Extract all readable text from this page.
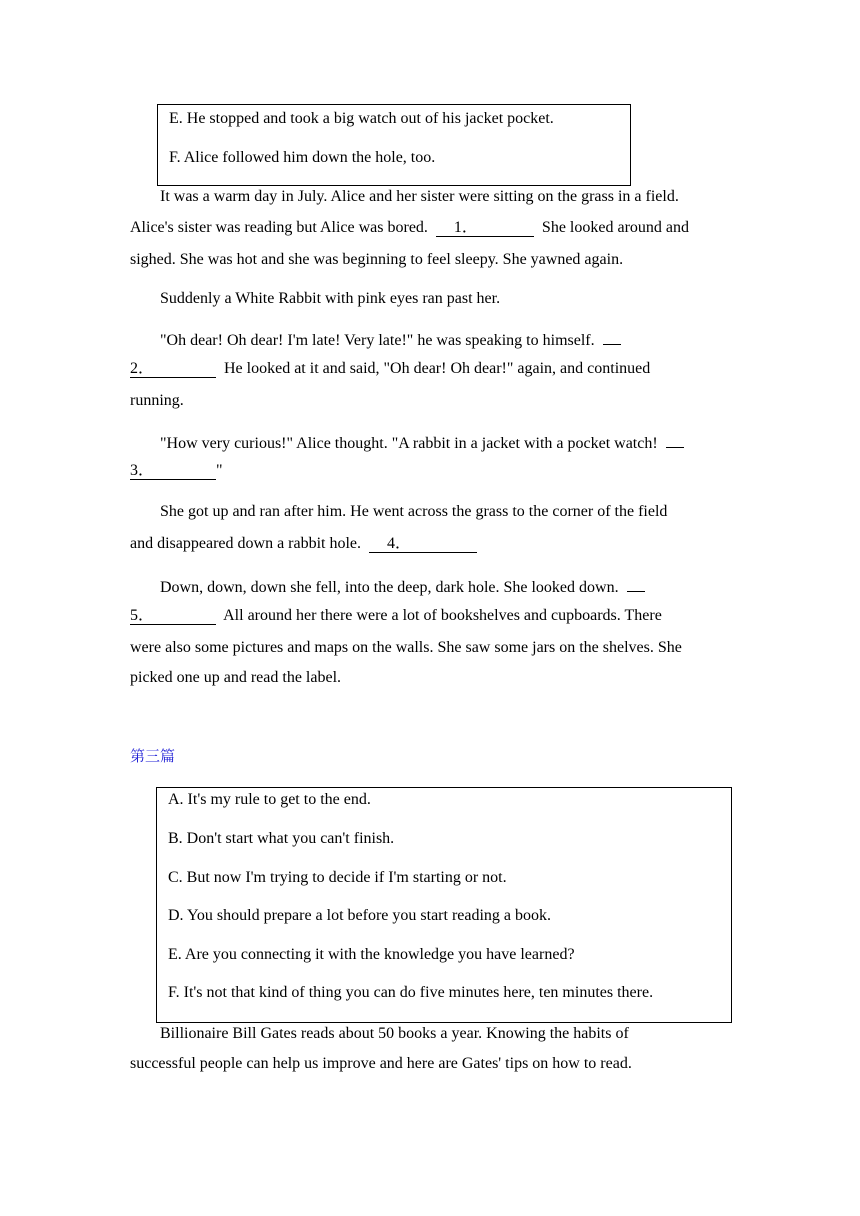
E. He stopped and took a big watch out of his jacket pocket.

F. Alice followed him down the hole, too.

It was a warm day in July. Alice and her sister were sitting on the grass in a field.
Alice's sister was reading but Alice was bored. 1．	She looked around and
sighed. She was hot and she was beginning to feel sleepy. She yawned again.
Suddenly a White Rabbit with pink eyes ran past her.
"Oh dear! Oh dear! I'm late! Very late!" he was speaking to himself.
2．	He looked at it and said, "Oh dear! Oh dear!" again, and continued
running.
"How very curious!" Alice thought. "A rabbit in a jacket with a pocket watch!
3．	"
She got up and ran after him. He went across the grass to the corner of the field
and disappeared down a rabbit hole. 4．
Down, down, down she fell, into the deep, dark hole. She looked down.
5．	All around her there were a lot of bookshelves and cupboards. There
were also some pictures and maps on the walls. She saw some jars on the shelves. She
picked one up and read the label.
第三篇

A. It's my rule to get to the end.

B. Don't start what you can't finish.

C. But now I'm trying to decide if I'm starting or not.

D. You should prepare a lot before you start reading a book.

E. Are you connecting it with the knowledge you have learned?

F. It's not that kind of thing you can do five minutes here, ten minutes there.

Billionaire Bill Gates reads about 50 books a year. Knowing the habits of
successful people can help us improve and here are Gates' tips on how to read.
